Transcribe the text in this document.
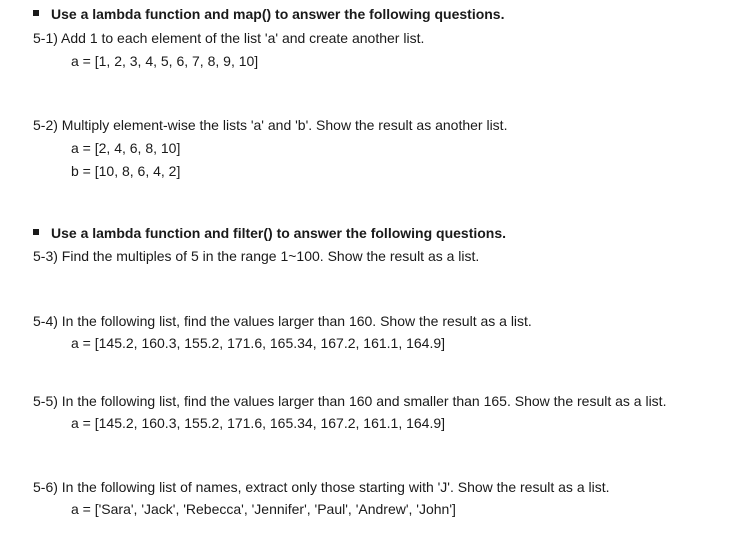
Use a lambda function and map() to answer the following questions.
5-1) Add 1 to each element of the list 'a' and create another list.
a = [1, 2, 3, 4, 5, 6, 7, 8, 9, 10]
5-2) Multiply element-wise the lists 'a' and 'b'. Show the result as another list.
a = [2, 4, 6, 8, 10]
b = [10, 8, 6, 4, 2]
Use a lambda function and filter() to answer the following questions.
5-3) Find the multiples of 5 in the range 1~100. Show the result as a list.
5-4) In the following list, find the values larger than 160. Show the result as a list.
a = [145.2, 160.3, 155.2, 171.6, 165.34, 167.2, 161.1, 164.9]
5-5) In the following list, find the values larger than 160 and smaller than 165. Show the result as a list.
a = [145.2, 160.3, 155.2, 171.6, 165.34, 167.2, 161.1, 164.9]
5-6) In the following list of names, extract only those starting with 'J'. Show the result as a list.
a = ['Sara', 'Jack', 'Rebecca', 'Jennifer', 'Paul', 'Andrew', 'John']
